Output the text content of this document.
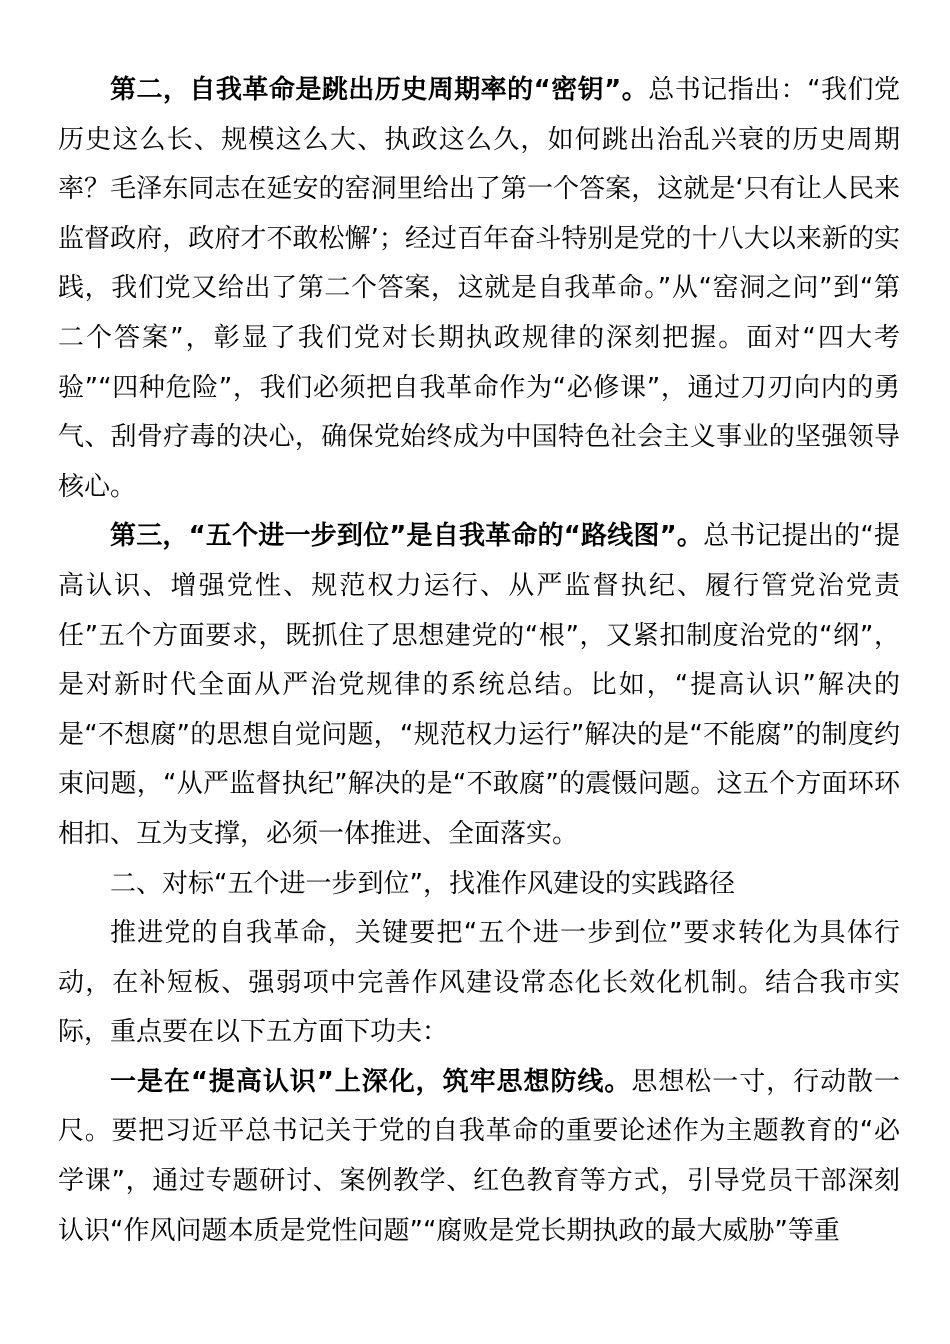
第二，自我革命是跳出历史周期率的“密钥”。总书记指出：“我们党历史这么长、规模这么大、执政这么久，如何跳出治乱兴衰的历史周期率？毛泽东同志在延安的窑洞里给出了第一个答案，这就是‘只有让人民来监督政府，政府才不敢松懈’；经过百年奋斗特别是党的十八大以来新的实践，我们党又给出了第二个答案，这就是自我革命。”从“窑洞之问”到“第二个答案”，彰显了我们党对长期执政规律的深刻把握。面对“四大考验”“四种危险”，我们必须把自我革命作为“必修课”，通过刀刃向内的勇气、刮骨疗毒的决心，确保党始终成为中国特色社会主义事业的坚强领导核心。

第三，“五个进一步到位”是自我革命的“路线图”。总书记提出的“提高认识、增强党性、规范权力运行、从严监督执纪、履行管党治党责任”五个方面要求，既抓住了思想建党的“根”，又紧扣制度治党的“纲”，是对新时代全面从严治党规律的系统总结。比如，“提高认识”解决的是“不想腐”的思想自觉问题，“规范权力运行”解决的是“不能腐”的制度约束问题，“从严监督执纪”解决的是“不敢腐”的震慑问题。这五个方面环环相扣、互为支撑，必须一体推进、全面落实。

二、对标“五个进一步到位”，找准作风建设的实践路径

推进党的自我革命，关键要把“五个进一步到位”要求转化为具体行动，在补短板、强弱项中完善作风建设常态化长效化机制。结合我市实际，重点要在以下五方面下功夫：

一是在“提高认识”上深化，筑牢思想防线。思想松一寸，行动散一尺。要把习近平总书记关于党的自我革命的重要论述作为主题教育的“必学课”，通过专题研讨、案例教学、红色教育等方式，引导党员干部深刻认识“作风问题本质是党性问题”“腐败是党长期执政的最大威胁”等重
